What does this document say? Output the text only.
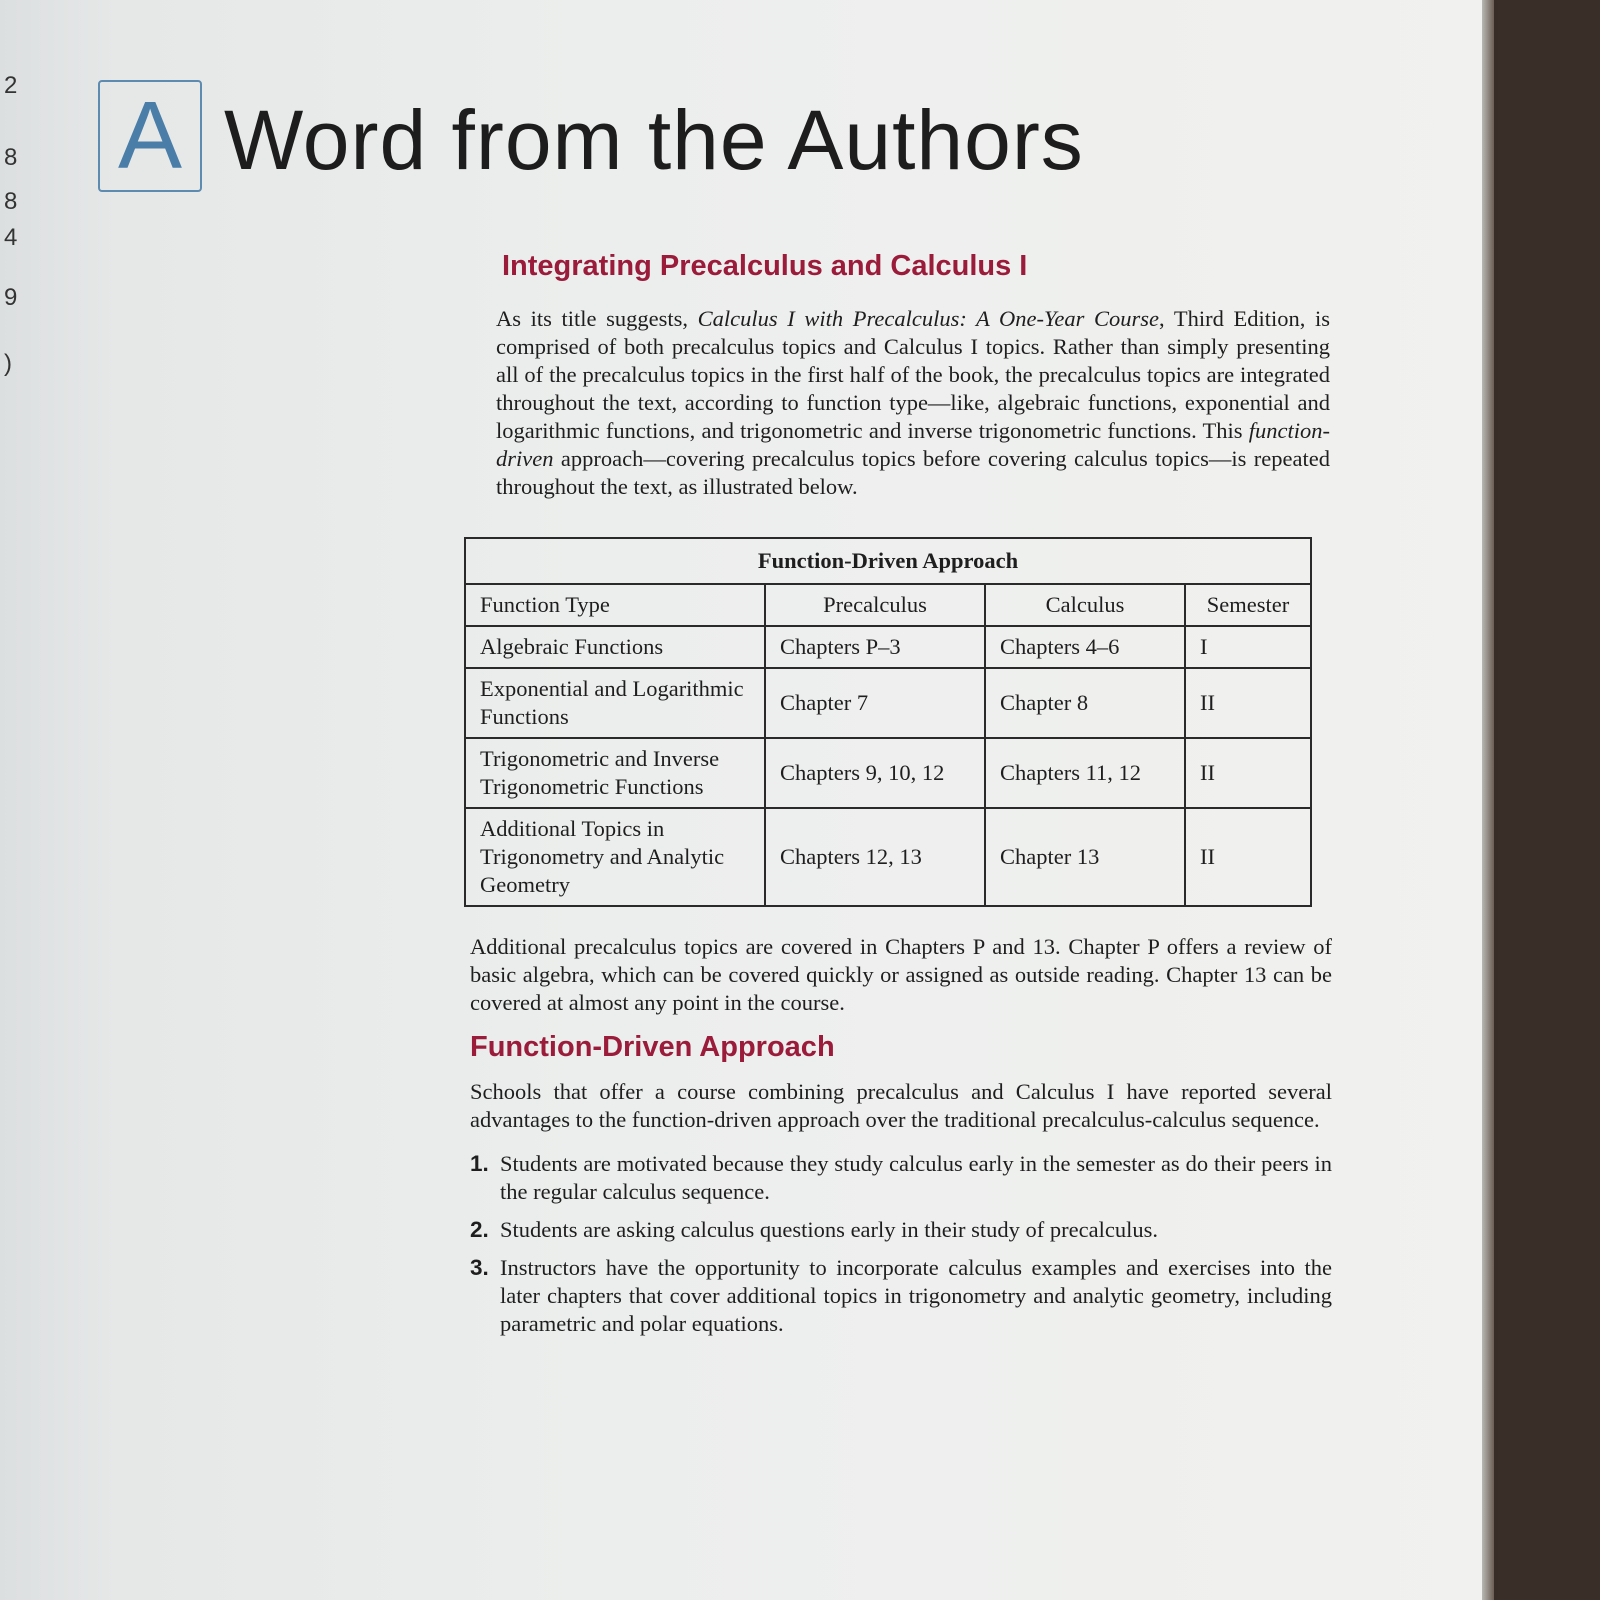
2
8
8
4
9
)
A Word from the Authors
Integrating Precalculus and Calculus I

As its title suggests, Calculus I with Precalculus: A One-Year Course, Third Edition, is comprised of both precalculus topics and Calculus I topics. Rather than simply presenting all of the precalculus topics in the first half of the book, the precalculus topics are integrated throughout the text, according to function type—like, algebraic functions, exponential and logarithmic functions, and trigonometric and inverse trigonometric functions. This function-driven approach—covering precalculus topics before covering calculus topics—is repeated throughout the text, as illustrated below.

Function-Driven Approach			
Function Type	Precalculus	Calculus	Semester
Algebraic Functions	Chapters P–3	Chapters 4–6	I
Exponential and Logarithmic Functions	Chapter 7	Chapter 8	II
Trigonometric and Inverse Trigonometric Functions	Chapters 9, 10, 12	Chapters 11, 12	II
Additional Topics in Trigonometry and Analytic Geometry	Chapters 12, 13	Chapter 13	II

Additional precalculus topics are covered in Chapters P and 13. Chapter P offers a review of basic algebra, which can be covered quickly or assigned as outside reading. Chapter 13 can be covered at almost any point in the course.

Function-Driven Approach

Schools that offer a course combining precalculus and Calculus I have reported several advantages to the function-driven approach over the traditional precalculus-calculus sequence.

1. Students are motivated because they study calculus early in the semester as do their peers in the regular calculus sequence.
2. Students are asking calculus questions early in their study of precalculus.
3. Instructors have the opportunity to incorporate calculus examples and exercises into the later chapters that cover additional topics in trigonometry and analytic geometry, including parametric and polar equations.
